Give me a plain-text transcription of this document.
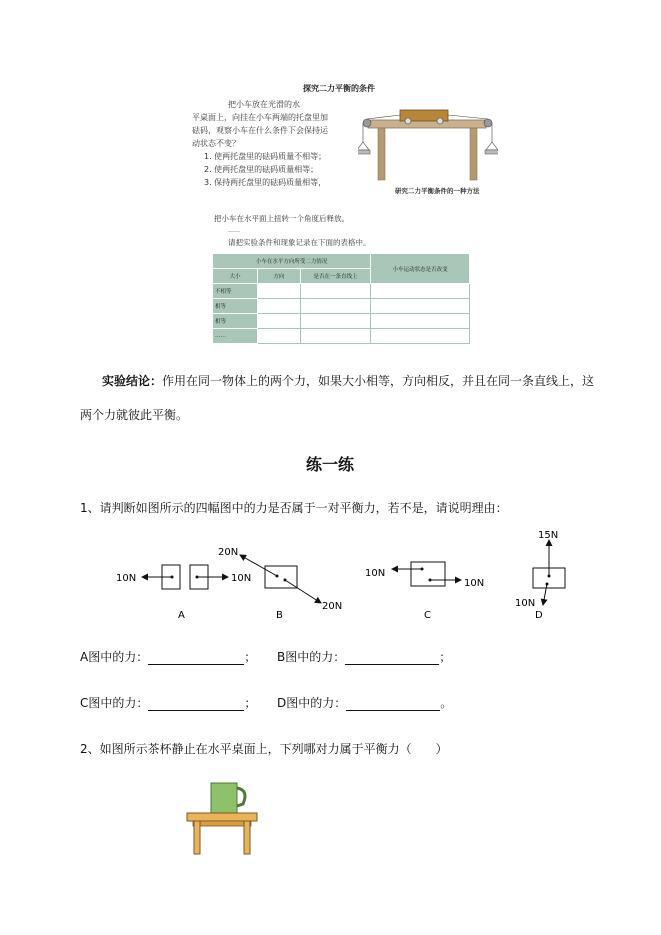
探究二力平衡的条件
把小车放在光滑的水
平桌面上，向挂在小车两端的托盘里加
砝码，观察小车在什么条件下会保持运
动状态不变？
1. 使两托盘里的砝码质量不相等；
2. 使两托盘里的砝码质量相等；
3. 保持两托盘里的砝码质量相等，
研究二力平衡条件的一种方法
把小车在水平面上扭转一个角度后释放。
……
请把实验条件和现象记录在下面的表格中。
小车在水平方向所受二力情况			小车运动状态是否改变
大小	方向	是否在一条直线上	
不相等			
相等			
相等			
……			
实验结论：作用在同一物体上的两个力，如果大小相等，方向相反，并且在同一条直线上，这
两个力就彼此平衡。
练一练
1、请判断如图所示的四幅图中的力是否属于一对平衡力，若不是，请说明理由：
10N	10N
A
20N
20N
B
10N
10N
C
15N
10N
D
A图中的力：	； B图中的力：	；
C图中的力：	； D图中的力：	。
2、如图所示茶杯静止在水平桌面上，下列哪对力属于平衡力（　　）
